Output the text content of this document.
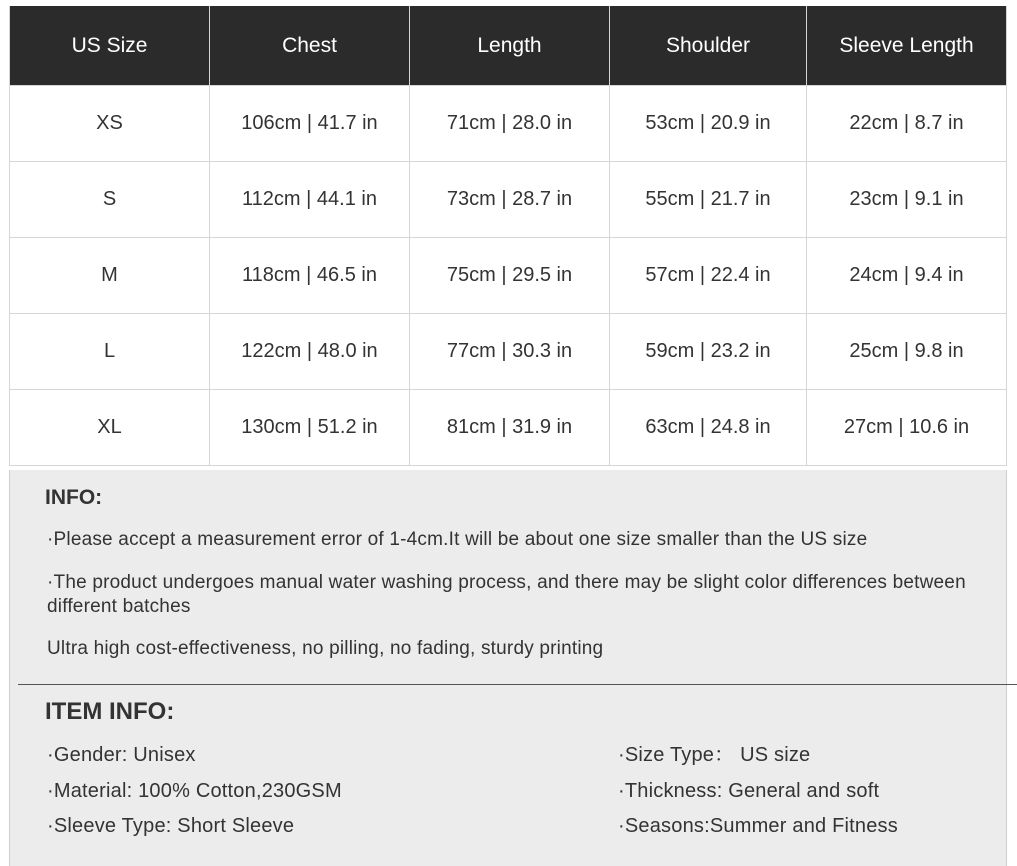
US Size	Chest	Length	Shoulder	Sleeve Length
XS	106cm | 41.7 in	71cm | 28.0 in	53cm | 20.9 in	22cm | 8.7 in
S	112cm | 44.1 in	73cm | 28.7 in	55cm | 21.7 in	23cm | 9.1 in
M	118cm | 46.5 in	75cm | 29.5 in	57cm | 22.4 in	24cm | 9.4 in
L	122cm | 48.0 in	77cm | 30.3 in	59cm | 23.2 in	25cm | 9.8 in
XL	130cm | 51.2 in	81cm | 31.9 in	63cm | 24.8 in	27cm | 10.6 in
INFO:

·Please accept a measurement error of 1-4cm.It will be about one size smaller than the US size

·The product undergoes manual water washing process, and there may be slight color differences between different batches

Ultra high cost-effectiveness, no pilling, no fading, sturdy printing

ITEM INFO:

·Gender: Unisex

·Material: 100% Cotton,230GSM

·Sleeve Type: Short Sleeve

·Size Type： US size

·Thickness: General and soft

·Seasons:Summer and Fitness
